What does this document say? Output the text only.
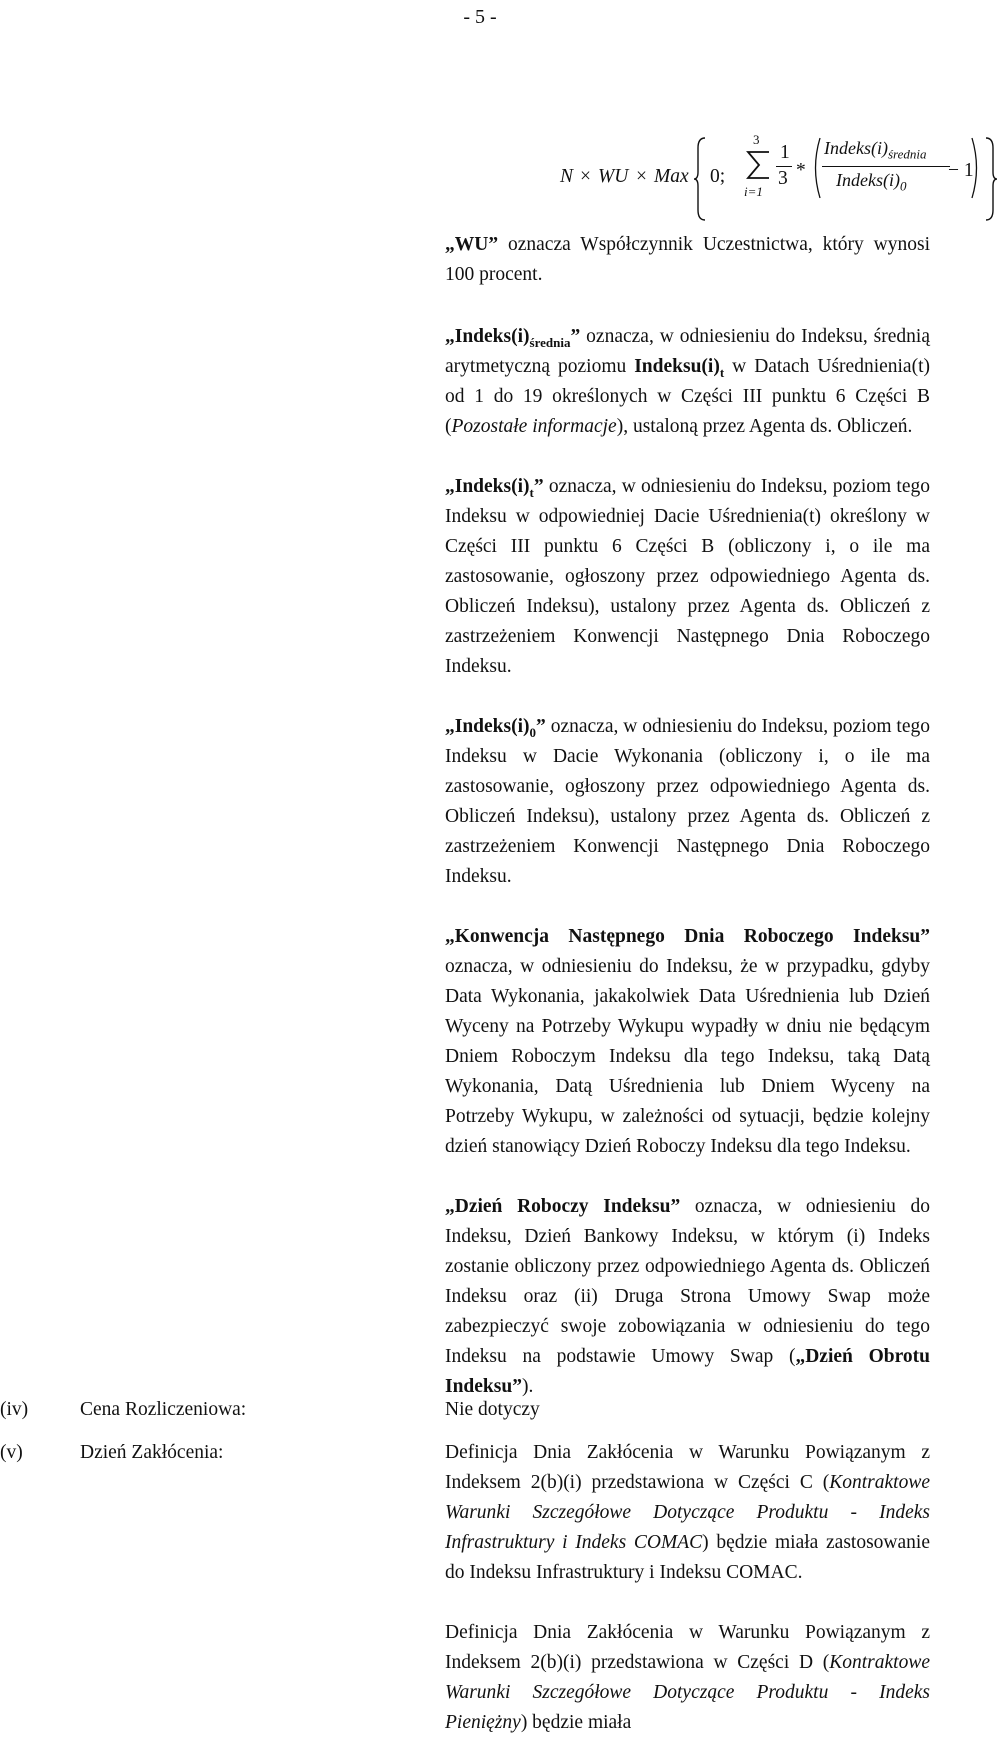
- 5 -
N × WU × Max 0;
3
i=1
1
3 *
$Indeks(i)_{średnia}$
$Indeks(i)_0$
− 1

„WU” oznacza Współczynnik Uczestnictwa, który wynosi 100 procent.

$„Indeks(i)_{średnia}$” oznacza, w odniesieniu do Indeksu, średnią arytmetyczną poziomu $Indeksu(i)_t$ w Datach Uśrednienia(t) od 1 do 19 określonych w Części III punktu 6 Części B (Pozostałe informacje), ustaloną przez Agenta ds. Obliczeń.

$„Indeks(i)_t$” oznacza, w odniesieniu do Indeksu, poziom tego Indeksu w odpowiedniej Dacie Uśrednienia(t) określony w Części III punktu 6 Części B (obliczony i, o ile ma zastosowanie, ogłoszony przez odpowiedniego Agenta ds. Obliczeń Indeksu), ustalony przez Agenta ds. Obliczeń z zastrzeżeniem Konwencji Następnego Dnia Roboczego Indeksu.

$„Indeks(i)_0$” oznacza, w odniesieniu do Indeksu, poziom tego Indeksu w Dacie Wykonania (obliczony i, o ile ma zastosowanie, ogłoszony przez odpowiedniego Agenta ds. Obliczeń Indeksu), ustalony przez Agenta ds. Obliczeń z zastrzeżeniem Konwencji Następnego Dnia Roboczego Indeksu.

„Konwencja Następnego Dnia Roboczego Indeksu” oznacza, w odniesieniu do Indeksu, że w przypadku, gdyby Data Wykonania, jakakolwiek Data Uśrednienia lub Dzień Wyceny na Potrzeby Wykupu wypadły w dniu nie będącym Dniem Roboczym Indeksu dla tego Indeksu, taką Datą Wykonania, Datą Uśrednienia lub Dniem Wyceny na Potrzeby Wykupu, w zależności od sytuacji, będzie kolejny dzień stanowiący Dzień Roboczy Indeksu dla tego Indeksu.

„Dzień Roboczy Indeksu” oznacza, w odniesieniu do Indeksu, Dzień Bankowy Indeksu, w którym (i) Indeks zostanie obliczony przez odpowiedniego Agenta ds. Obliczeń Indeksu oraz (ii) Druga Strona Umowy Swap może zabezpieczyć swoje zobowiązania w odniesieniu do tego Indeksu na podstawie Umowy Swap („Dzień Obrotu Indeksu”).

(iv)	Cena Rozliczeniowa:	Nie dotyczy
(v)	Dzień Zakłócenia:	Definicja Dnia Zakłócenia w Warunku Powiązanym z Indeksem 2(b)(i) przedstawiona w Części C (Kontraktowe Warunki Szczegółowe Dotyczące Produktu - Indeks Infrastruktury i Indeks COMAC) będzie miała zastosowanie do Indeksu Infrastruktury i Indeksu COMAC.

Definicja Dnia Zakłócenia w Warunku Powiązanym z Indeksem 2(b)(i) przedstawiona w Części D (Kontraktowe Warunki Szczegółowe Dotyczące Produktu - Indeks Pieniężny) będzie miała
